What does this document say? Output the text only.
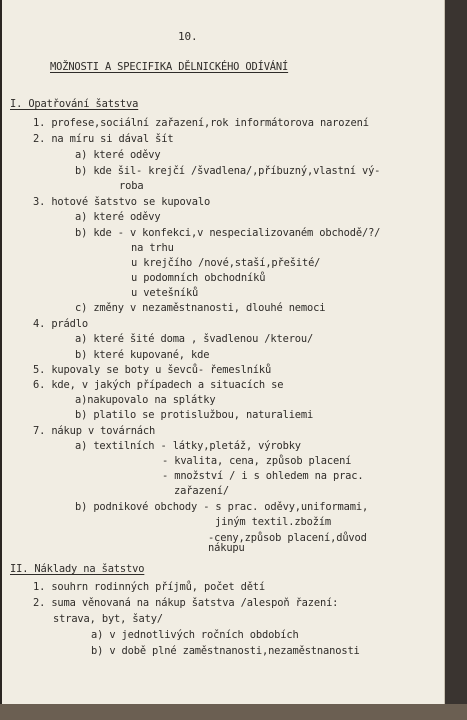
10.
MOŽNOSTI A SPECIFIKA DĚLNICKÉHO ODÍVÁNÍ
I. Opatřování šatstva
1. profese,sociální zařazení,rok informátorova narození
2. na míru si dával šít
a) které oděvy
b) kde šil- krejčí /švadlena/,příbuzný,vlastní vý-
roba
3. hotové šatstvo se kupovalo
a) které oděvy
b) kde - v konfekci,v nespecializovaném obchodě/?/
na trhu
u krejčího /nové,staší,přešité/
u podomních obchodníků
u vetešníků
c) změny v nezaměstnanosti, dlouhé nemoci
4. prádlo
a) které šité doma , švadlenou /kterou/
b) které kupované, kde
5. kupovaly se boty u ševců- řemeslníků
6. kde, v jakých případech a situacích se
a)nakupovalo na splátky
b) platilo se protislužbou, naturaliemi
7. nákup v továrnách
a) textilních - látky,pletáž, výrobky
- kvalita, cena, způsob placení
- množství / i s ohledem na prac.
zařazení/
b) podnikové obchody - s prac. oděvy,uniformami,
jiným textil.zbožím
-ceny,způsob placení,důvod
nákupu
II. Náklady na šatstvo
1. souhrn rodinných příjmů, počet dětí
2. suma věnovaná na nákup šatstva /alespoň řazení:
strava, byt, šaty/
a) v jednotlivých ročních obdobích
b) v době plné zaměstnanosti,nezaměstnanosti
